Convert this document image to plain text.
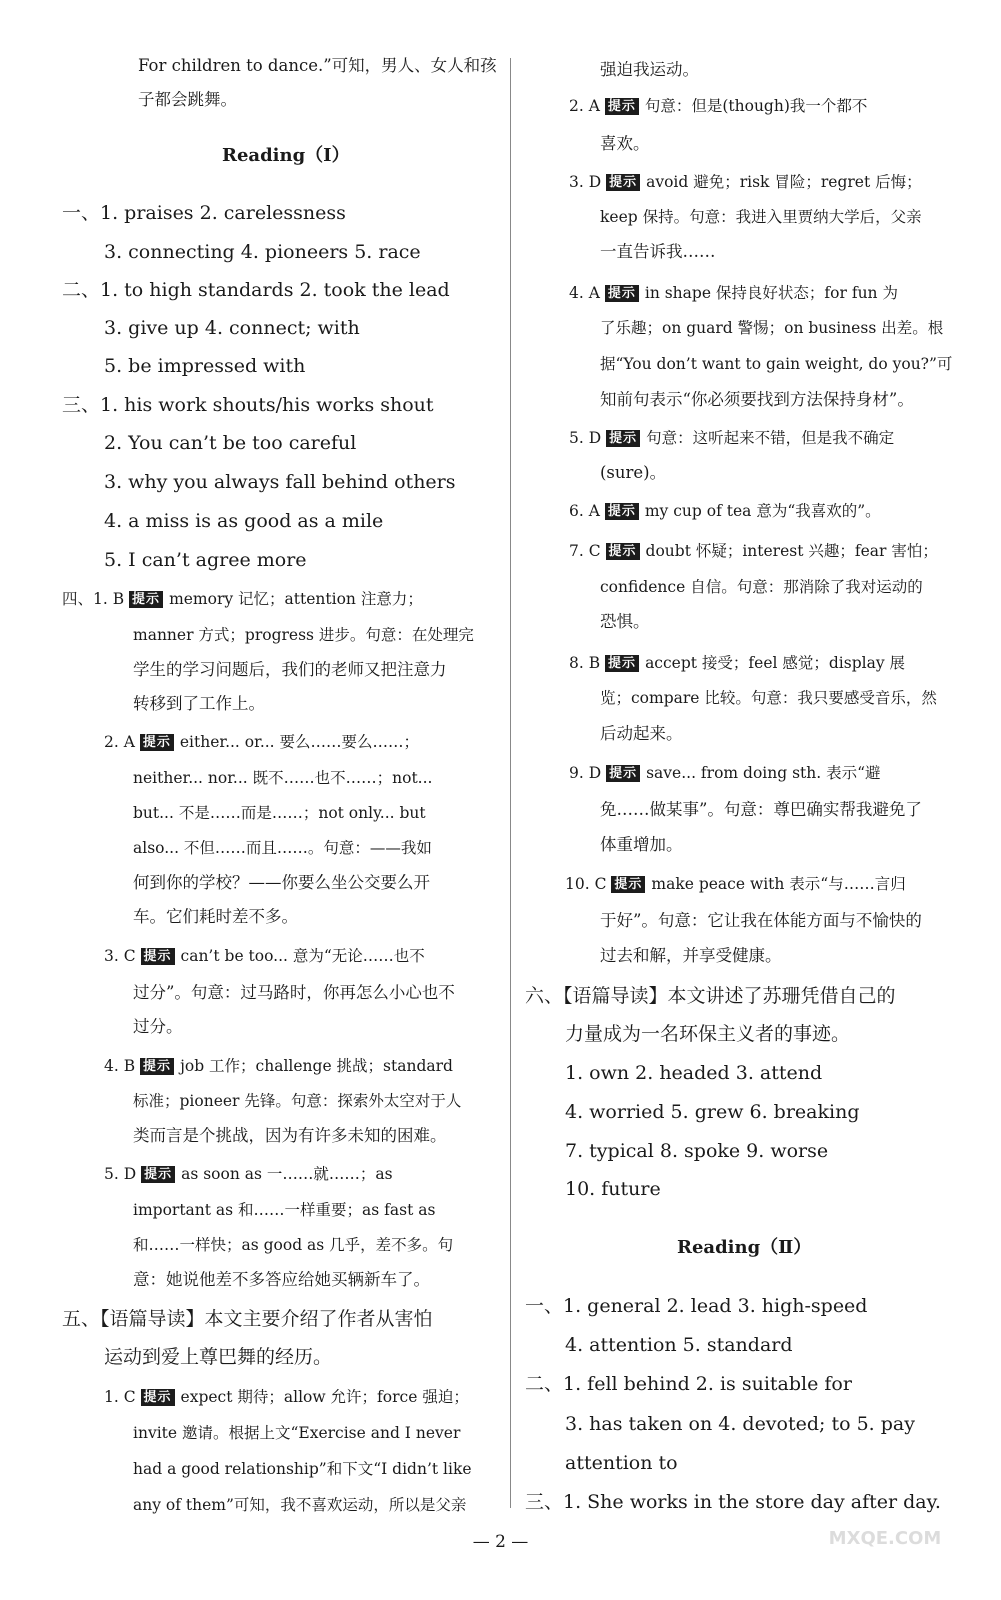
For children to dance.”可知，男人、女人和孩
子都会跳舞。
Reading（Ⅰ）
一、1. praises 2. carelessness
3. connecting 4. pioneers 5. race
二、1. to high standards 2. took the lead
3. give up 4. connect; with
5. be impressed with
三、1. his work shouts/his works shout
2. You can’t be too careful
3. why you always fall behind others
4. a miss is as good as a mile
5. I can’t agree more
四、1. B 提示 memory 记忆；attention 注意力；
manner 方式；progress 进步。句意：在处理完
学生的学习问题后，我们的老师又把注意力
转移到了工作上。
2. A 提示 either... or... 要么……要么……；
neither... nor... 既不……也不……；not...
but... 不是……而是……；not only... but
also... 不但……而且……。句意：——我如
何到你的学校？——你要么坐公交要么开
车。它们耗时差不多。
3. C 提示 can’t be too... 意为“无论……也不
过分”。句意：过马路时，你再怎么小心也不
过分。
4. B 提示 job 工作；challenge 挑战；standard
标准；pioneer 先锋。句意：探索外太空对于人
类而言是个挑战，因为有许多未知的困难。
5. D 提示 as soon as 一……就……；as
important as 和……一样重要；as fast as
和……一样快；as good as 几乎，差不多。句
意：她说他差不多答应给她买辆新车了。
五、【语篇导读】本文主要介绍了作者从害怕
运动到爱上尊巴舞的经历。
1. C 提示 expect 期待；allow 允许；force 强迫；
invite 邀请。根据上文“Exercise and I never
had a good relationship”和下文“I didn’t like
any of them”可知，我不喜欢运动，所以是父亲
强迫我运动。
2. A 提示 句意：但是(though)我一个都不
喜欢。
3. D 提示 avoid 避免；risk 冒险；regret 后悔；
keep 保持。句意：我进入里贾纳大学后，父亲
一直告诉我……
4. A 提示 in shape 保持良好状态；for fun 为
了乐趣；on guard 警惕；on business 出差。根
据“You don’t want to gain weight, do you?”可
知前句表示“你必须要找到方法保持身材”。
5. D 提示 句意：这听起来不错，但是我不确定
(sure)。
6. A 提示 my cup of tea 意为“我喜欢的”。
7. C 提示 doubt 怀疑；interest 兴趣；fear 害怕；
confidence 自信。句意：那消除了我对运动的
恐惧。
8. B 提示 accept 接受；feel 感觉；display 展
览；compare 比较。句意：我只要感受音乐，然
后动起来。
9. D 提示 save... from doing sth. 表示“避
免……做某事”。句意：尊巴确实帮我避免了
体重增加。
10. C 提示 make peace with 表示“与……言归
于好”。句意：它让我在体能方面与不愉快的
过去和解，并享受健康。
六、【语篇导读】本文讲述了苏珊凭借自己的
力量成为一名环保主义者的事迹。
1. own 2. headed 3. attend
4. worried 5. grew 6. breaking
7. typical 8. spoke 9. worse
10. future
Reading（Ⅱ）
一、1. general 2. lead 3. high-speed
4. attention 5. standard
二、1. fell behind 2. is suitable for
3. has taken on 4. devoted; to 5. pay
attention to
三、1. She works in the store day after day.
— 2 —	MXQE.COM
